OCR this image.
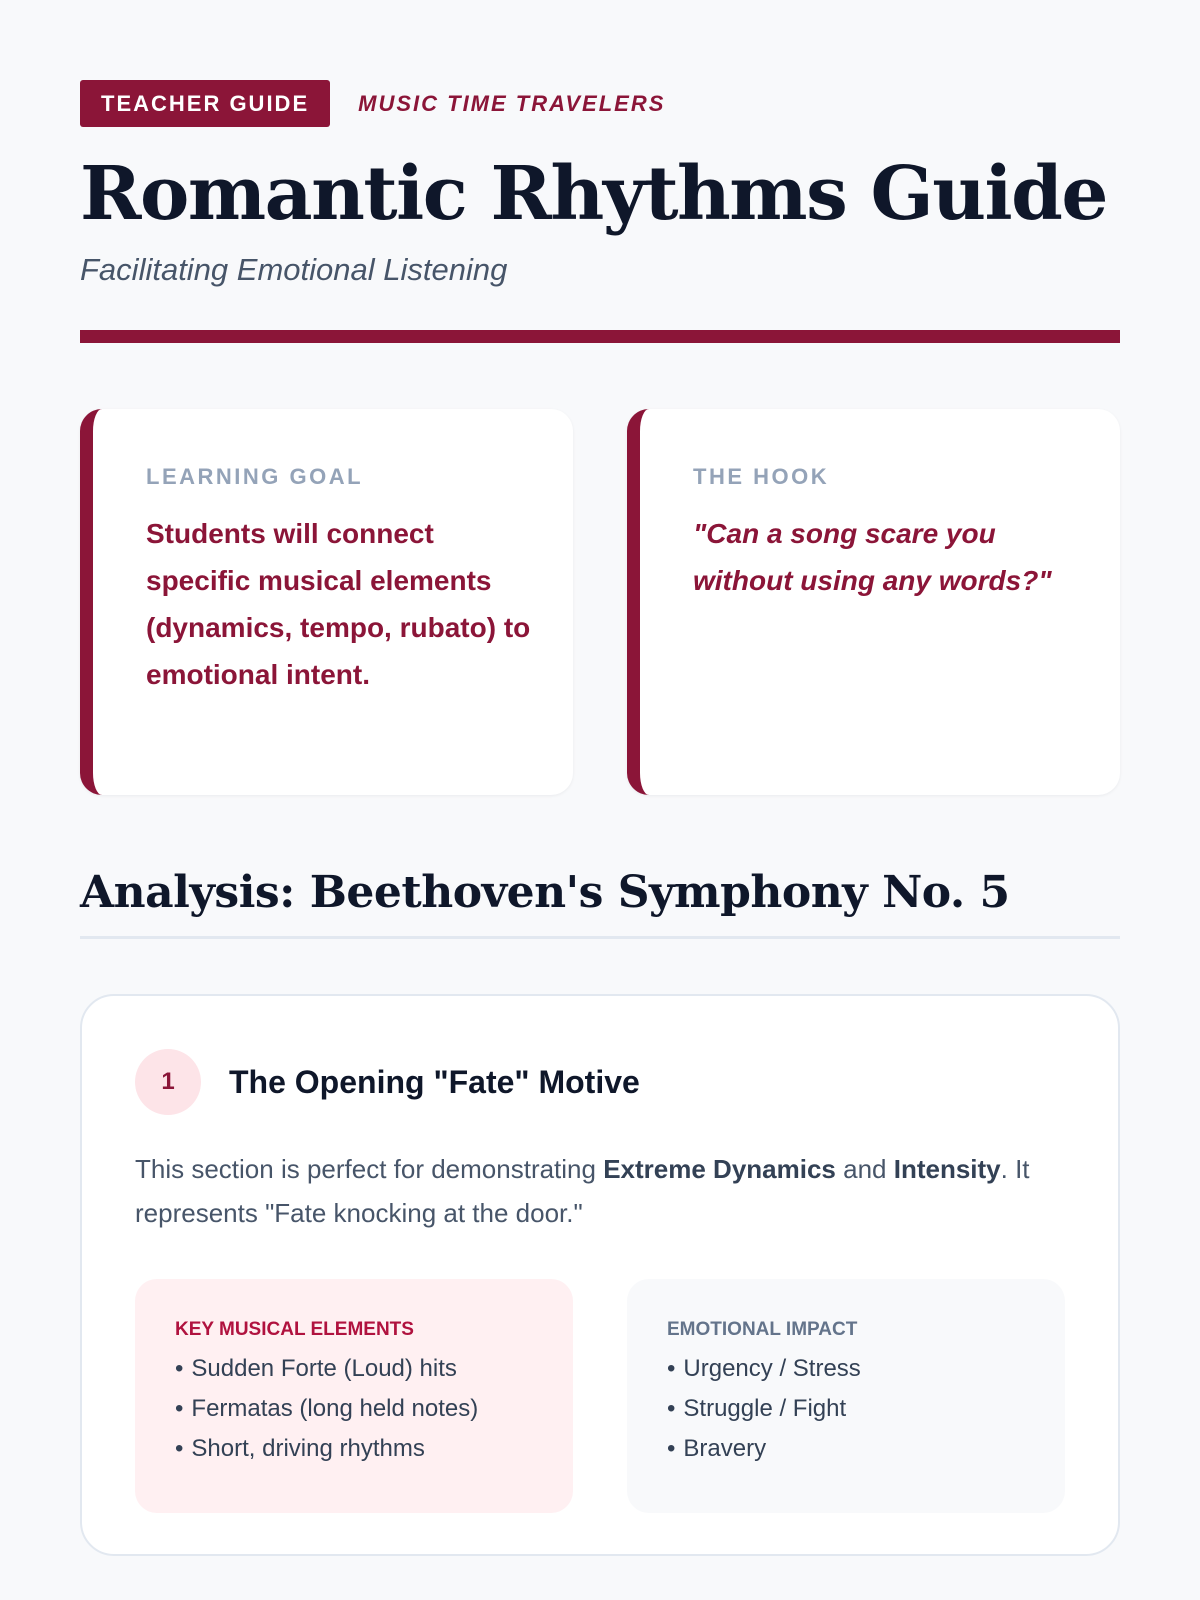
TEACHER GUIDE	MUSIC TIME TRAVELERS
Romantic Rhythms Guide
Facilitating Emotional Listening
LEARNING GOAL
Students will connect specific musical elements (dynamics, tempo, rubato) to emotional intent.
THE HOOK
"Can a song scare you without using any words?"
Analysis: Beethoven's Symphony No. 5
1	The Opening "Fate" Motive

This section is perfect for demonstrating Extreme Dynamics and Intensity. It represents "Fate knocking at the door."

KEY MUSICAL ELEMENTS
• Sudden Forte (Loud) hits
• Fermatas (long held notes)
• Short, driving rhythms
EMOTIONAL IMPACT
• Urgency / Stress
• Struggle / Fight
• Bravery
